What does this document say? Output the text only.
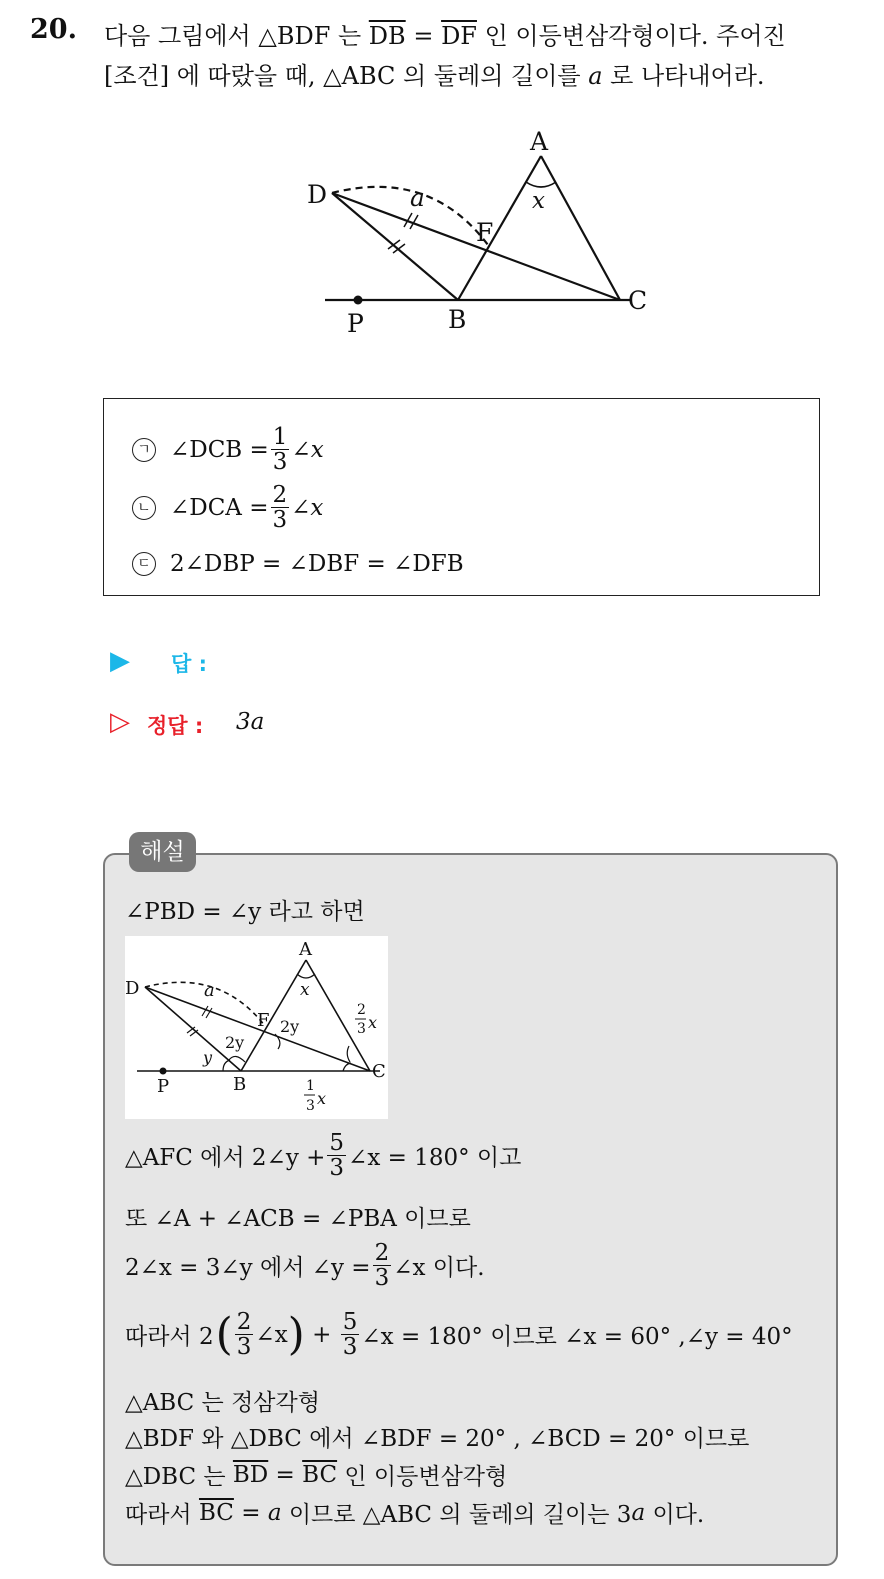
20. 다음 그림에서 △BDF 는 $\overline{DB} = \overline{DF}$ 인 이등변삼각형이다. 주어진
[조건] 에 따랐을 때, △ABC 의 둘레의 길이를 a 로 나타내어라.
A
D
F
B
C
P
a	x
ㄱ ∠DCB = $\frac{1}{3}$ ∠x
ㄴ ∠DCA = $\frac{2}{3}$ ∠x
ㄷ 2∠DBP = ∠DBF = ∠DFB
▶ 답 :
▷ 정답 : 3a
해설
∠PBD = ∠y 라고 하면
A
D
F
B
C
P
a	x
2y
y
2y
2
3 x
1
3 x
△AFC 에서 2∠y + $\frac{5}{3}$ ∠x = 180° 이고
또 ∠A + ∠ACB = ∠PBA 이므로
2∠x = 3∠y 에서 ∠y = $\frac{2}{3}$ ∠x 이다.
따라서 2 ( $\frac{2}{3}$ ∠x ) + $\frac{5}{3}$ ∠x = 180° 이므로 ∠x = 60° ,∠y = 40°
△ABC 는 정삼각형
△BDF 와 △DBC 에서 ∠BDF = 20° , ∠BCD = 20° 이므로
△DBC 는 $\overline{BD} = \overline{BC}$ 인 이등변삼각형
따라서 $\overline{BC} = a$ 이므로 △ABC 의 둘레의 길이는 3 a 이다.
